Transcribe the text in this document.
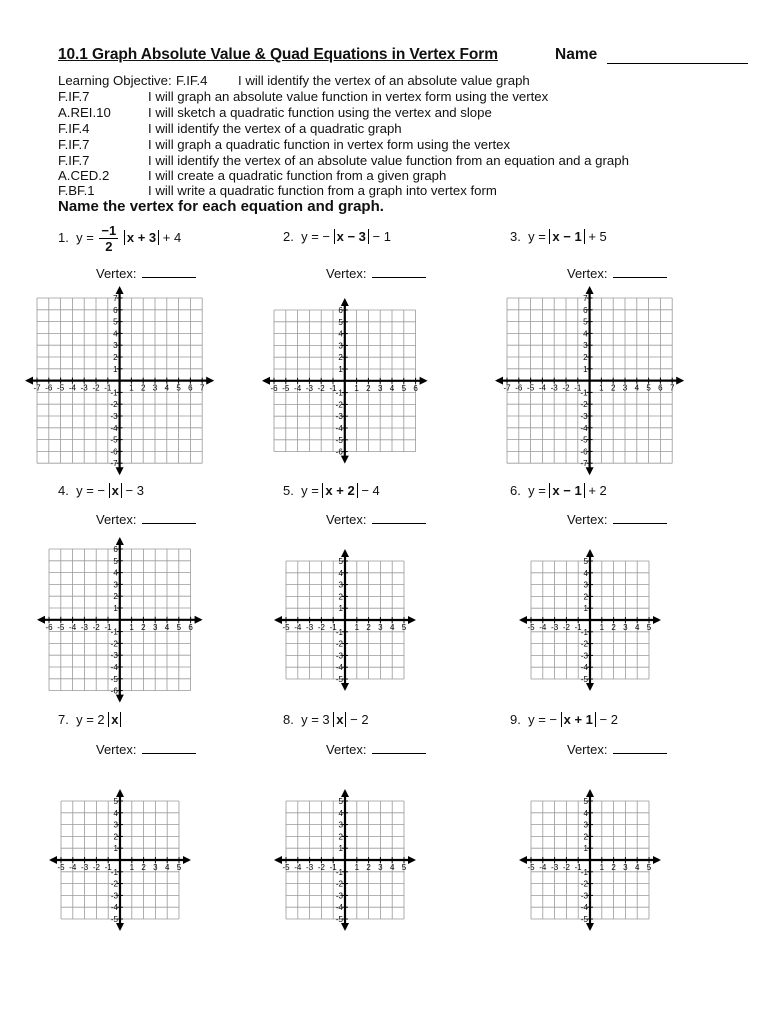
10.1 Graph Absolute Value & Quad Equations in Vertex Form	Name
Learning Objective: F.IF.4 I will identify the vertex of an absolute value graph
F.IF.7	I will graph an absolute value function in vertex form using the vertex
A.REI.10	I will sketch a quadratic function using the vertex and slope
F.IF.4	I will identify the vertex of a quadratic graph
F.IF.7	I will graph a quadratic function in vertex form using the vertex
F.IF.7	I will identify the vertex of an absolute value function from an equation and a graph
A.CED.2	I will create a quadratic function from a given graph
F.BF.1	I will write a quadratic function from a graph into vertex form
Name the vertex for each equation and graph.
1. $y = \frac{-1}{2}$ x + 3 + 4
Vertex:
-7
-7
-6
-6
-5
-5
-4
-4
-3
-3
-2
-2
-1
-1
1
1
2
2
3
3
4
4
5
5
6
6
7
7
2. y = − x − 3 − 1
Vertex:
-6
-6
-5
-5
-4
-4
-3
-3
-2
-2
-1
-1
1
1
2
2
3
3
4
4
5
5
6
6
3. y = x − 1 + 5
Vertex:
-7
-7
-6
-6
-5
-5
-4
-4
-3
-3
-2
-2
-1
-1
1
1
2
2
3
3
4
4
5
5
6
6
7
7
4. y = − x − 3
Vertex:
-6
-6
-5
-5
-4
-4
-3
-3
-2
-2
-1
-1
1
1
2
2
3
3
4
4
5
5
6
6
5. y = x + 2 − 4
Vertex:
-5
-5
-4
-4
-3
-3
-2
-2
-1
-1
1
1
2
2
3
3
4
4
5
5
6. y = x − 1 + 2
Vertex:
-5
-5
-4
-4
-3
-3
-2
-2
-1
-1
1
1
2
2
3
3
4
4
5
5
7. y = 2 x
Vertex:
-5
-5
-4
-4
-3
-3
-2
-2
-1
-1
1
1
2
2
3
3
4
4
5
5
8. y = 3 x − 2
Vertex:
-5
-5
-4
-4
-3
-3
-2
-2
-1
-1
1
1
2
2
3
3
4
4
5
5
9. y = − x + 1 − 2
Vertex:
-5
-5
-4
-4
-3
-3
-2
-2
-1
-1
1
1
2
2
3
3
4
4
5
5
